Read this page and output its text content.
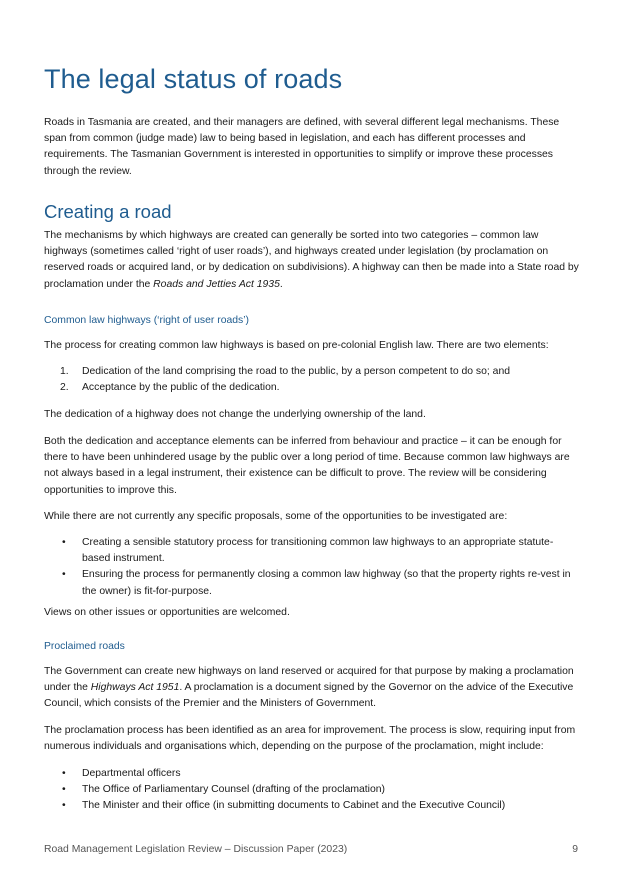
The legal status of roads

Roads in Tasmania are created, and their managers are defined, with several different legal mechanisms. These span from common (judge made) law to being based in legislation, and each has different processes and requirements. The Tasmanian Government is interested in opportunities to simplify or improve these processes through the review.

Creating a road

The mechanisms by which highways are created can generally be sorted into two categories – common law highways (sometimes called ‘right of user roads’), and highways created under legislation (by proclamation on reserved roads or acquired land, or by dedication on subdivisions). A highway can then be made into a State road by proclamation under the Roads and Jetties Act 1935.

Common law highways (‘right of user roads’)

The process for creating common law highways is based on pre-colonial English law. There are two elements:

1. Dedication of the land comprising the road to the public, by a person competent to do so; and
2. Acceptance by the public of the dedication.

The dedication of a highway does not change the underlying ownership of the land.

Both the dedication and acceptance elements can be inferred from behaviour and practice – it can be enough for there to have been unhindered usage by the public over a long period of time. Because common law highways are not always based in a legal instrument, their existence can be difficult to prove. The review will be considering opportunities to improve this.

While there are not currently any specific proposals, some of the opportunities to be investigated are:

• Creating a sensible statutory process for transitioning common law highways to an appropriate statute-based instrument.
• Ensuring the process for permanently closing a common law highway (so that the property rights re-vest in the owner) is fit-for-purpose.

Views on other issues or opportunities are welcomed.

Proclaimed roads

The Government can create new highways on land reserved or acquired for that purpose by making a proclamation under the Highways Act 1951. A proclamation is a document signed by the Governor on the advice of the Executive Council, which consists of the Premier and the Ministers of Government.

The proclamation process has been identified as an area for improvement. The process is slow, requiring input from numerous individuals and organisations which, depending on the purpose of the proclamation, might include:

• Departmental officers
• The Office of Parliamentary Counsel (drafting of the proclamation)
• The Minister and their office (in submitting documents to Cabinet and the Executive Council)
Road Management Legislation Review – Discussion Paper (2023)	9
